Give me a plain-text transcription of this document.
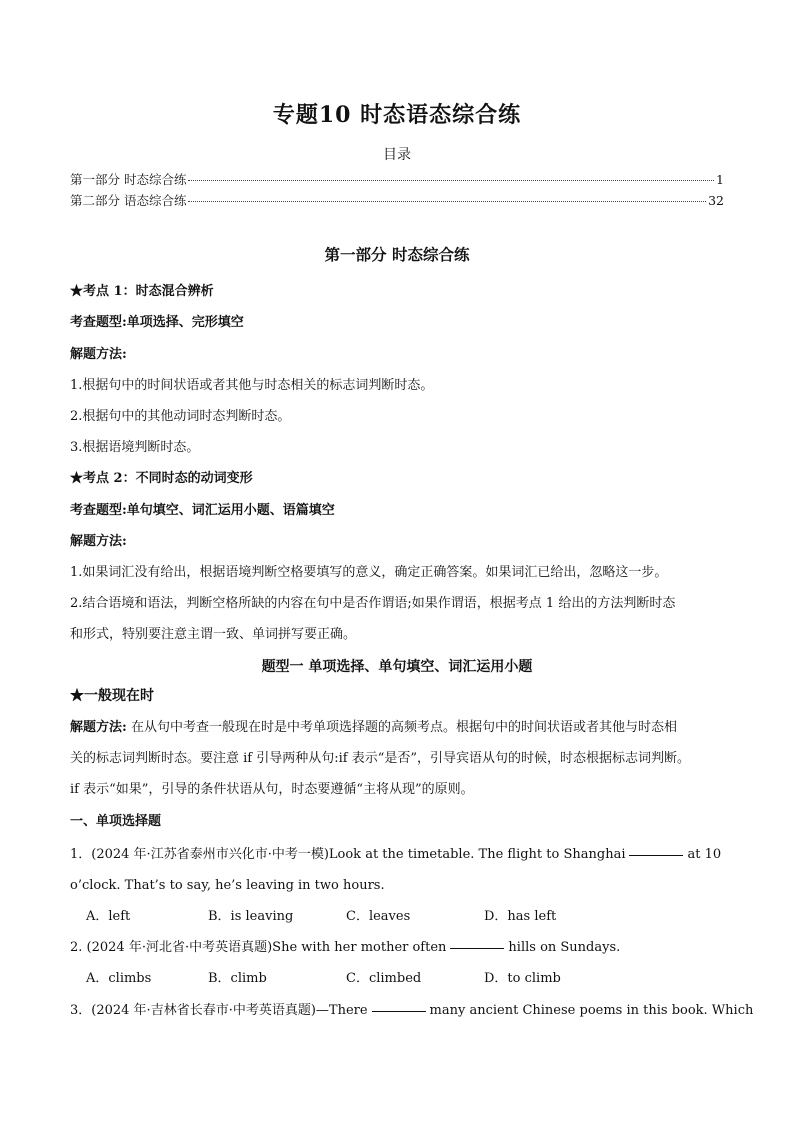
专题10 时态语态综合练
目录
第一部分 时态综合练	1
第二部分 语态综合练	32
第一部分 时态综合练
★考点 1：时态混合辨析
考查题型:单项选择、完形填空
解题方法:
1.根据句中的时间状语或者其他与时态相关的标志词判断时态。
2.根据句中的其他动词时态判断时态。
3.根据语境判断时态。
★考点 2：不同时态的动词变形
考查题型:单句填空、词汇运用小题、语篇填空
解题方法:
1.如果词汇没有给出，根据语境判断空格要填写的意义，确定正确答案。如果词汇已给出，忽略这一步。
2.结合语境和语法，判断空格所缺的内容在句中是否作谓语;如果作谓语，根据考点 1 给出的方法判断时态
和形式，特别要注意主谓一致、单词拼写要正确。
题型一 单项选择、单句填空、词汇运用小题
★一般现在时
解题方法: 在从句中考查一般现在时是中考单项选择题的高频考点。根据句中的时间状语或者其他与时态相
关的标志词判断时态。要注意 if 引导两种从句:if 表示“是否”，引导宾语从句的时候，时态根据标志词判断。
if 表示“如果”，引导的条件状语从句，时态要遵循“主将从现”的原则。
一、单项选择题
1．(2024 年·江苏省泰州市兴化市·中考一模)Look at the timetable. The flight to Shanghai	at 10
o’clock. That’s to say, he’s leaving in two hours.
A．left	B．is leaving	C．leaves	D．has left
2. (2024 年·河北省·中考英语真题)She with her mother often	hills on Sundays.
A．climbs	B．climb	C．climbed	D．to climb
3．(2024 年·吉林省长春市·中考英语真题)—There	many ancient Chinese poems in this book. Which
